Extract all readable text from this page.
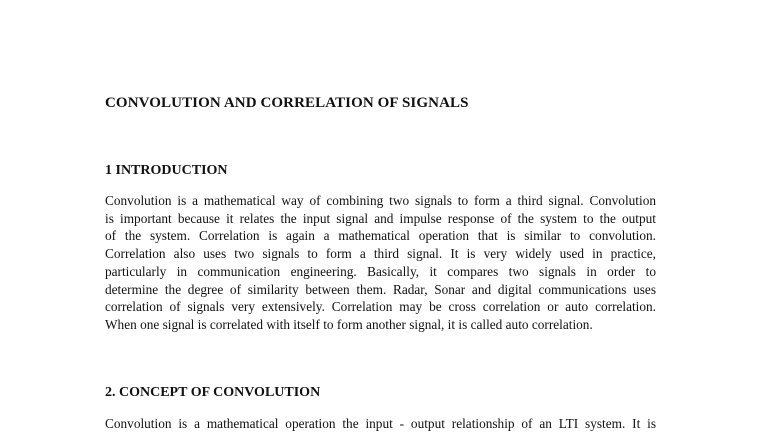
CONVOLUTION AND CORRELATION OF SIGNALS
1 INTRODUCTION
Convolution is a mathematical way of combining two signals to form a third signal. Convolution
is important because it relates the input signal and impulse response of the system to the output
of the system. Correlation is again a mathematical operation that is similar to convolution.
Correlation also uses two signals to form a third signal. It is very widely used in practice,
particularly in communication engineering. Basically, it compares two signals in order to
determine the degree of similarity between them. Radar, Sonar and digital communications uses
correlation of signals very extensively. Correlation may be cross correlation or auto correlation.
When one signal is correlated with itself to form another signal, it is called auto correlation.
2. CONCEPT OF CONVOLUTION
Convolution is a mathematical operation the input - output relationship of an LTI system. It is
